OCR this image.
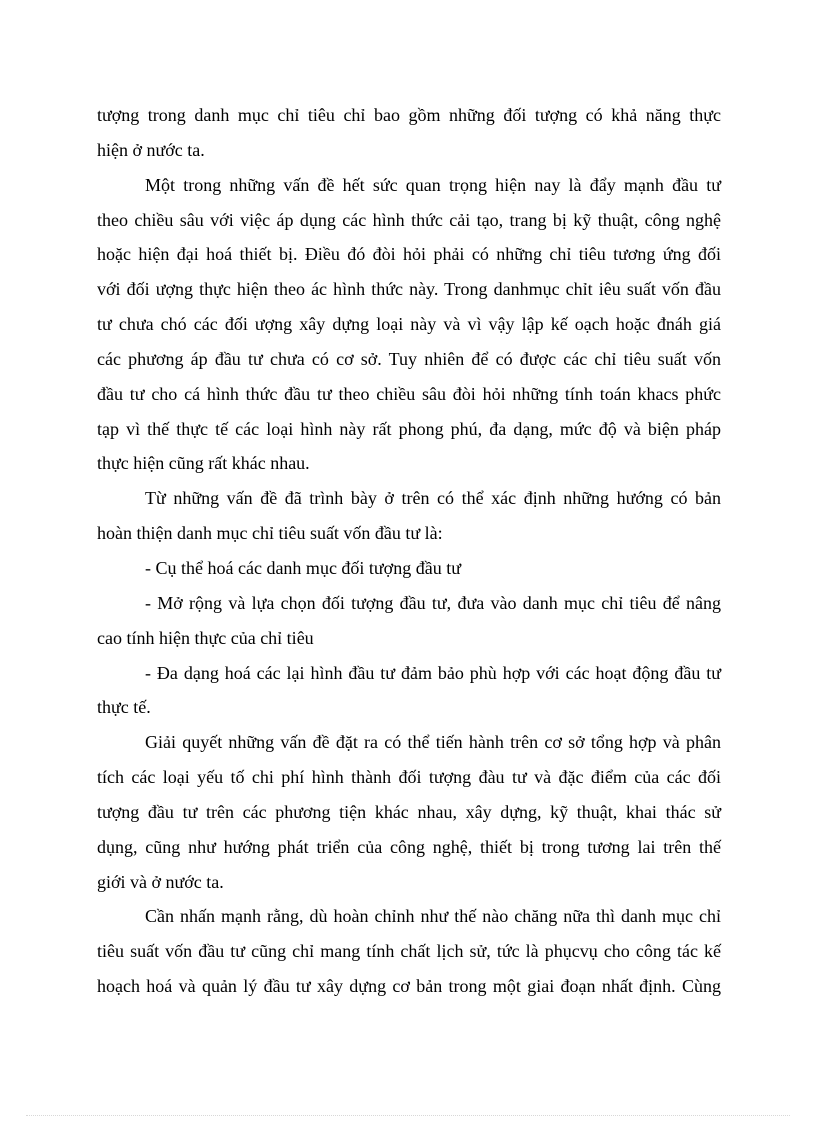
tượng trong danh mục chỉ tiêu chỉ bao gồm những đối tượng có khả năng thực
hiện ở nước ta.
Một trong những vấn đề hết sức quan trọng hiện nay là đẩy mạnh đầu tư
theo chiều sâu với việc áp dụng các hình thức cải tạo, trang bị kỹ thuật, công nghệ
hoặc hiện đại hoá thiết bị. Điều đó đòi hỏi phải có những chỉ tiêu tương ứng đối
với đối ượng thực hiện theo ác hình thức này. Trong danhmục chỉt iêu suất vốn đầu
tư chưa chó các đối ượng xây dựng loại này và vì vậy lập kế oạch hoặc đnáh giá
các phương áp đầu tư chưa có cơ sở. Tuy nhiên để có được các chỉ tiêu suất vốn
đầu tư cho cá hình thức đầu tư theo chiều sâu đòi hỏi những tính toán khacs phức
tạp vì thế thực tế các loại hình này rất phong phú, đa dạng, mức độ và biện pháp
thực hiện cũng rất khác nhau.
Từ những vấn đề đã trình bày ở trên có thể xác định những hướng có bản
hoàn thiện danh mục chỉ tiêu suất vốn đầu tư là:
- Cụ thể hoá các danh mục đối tượng đầu tư
- Mở rộng và lựa chọn đối tượng đầu tư, đưa vào danh mục chỉ tiêu để nâng
cao tính hiện thực của chỉ tiêu
- Đa dạng hoá các lại hình đầu tư đảm bảo phù hợp với các hoạt động đầu tư
thực tế.
Giải quyết những vấn đề đặt ra có thể tiến hành trên cơ sở tổng hợp và phân
tích các loại yếu tố chi phí hình thành đối tượng đàu tư và đặc điểm của các đối
tượng đầu tư trên các phương tiện khác nhau, xây dựng, kỹ thuật, khai thác sử
dụng, cũng như hướng phát triển của công nghệ, thiết bị trong tương lai trên thế
giới và ở nước ta.
Cần nhấn mạnh rằng, dù hoàn chỉnh như thế nào chăng nữa thì danh mục chỉ
tiêu suất vốn đầu tư cũng chỉ mang tính chất lịch sử, tức là phụcvụ cho công tác kế
hoạch hoá và quản lý đầu tư xây dựng cơ bản trong một giai đoạn nhất định. Cùng
